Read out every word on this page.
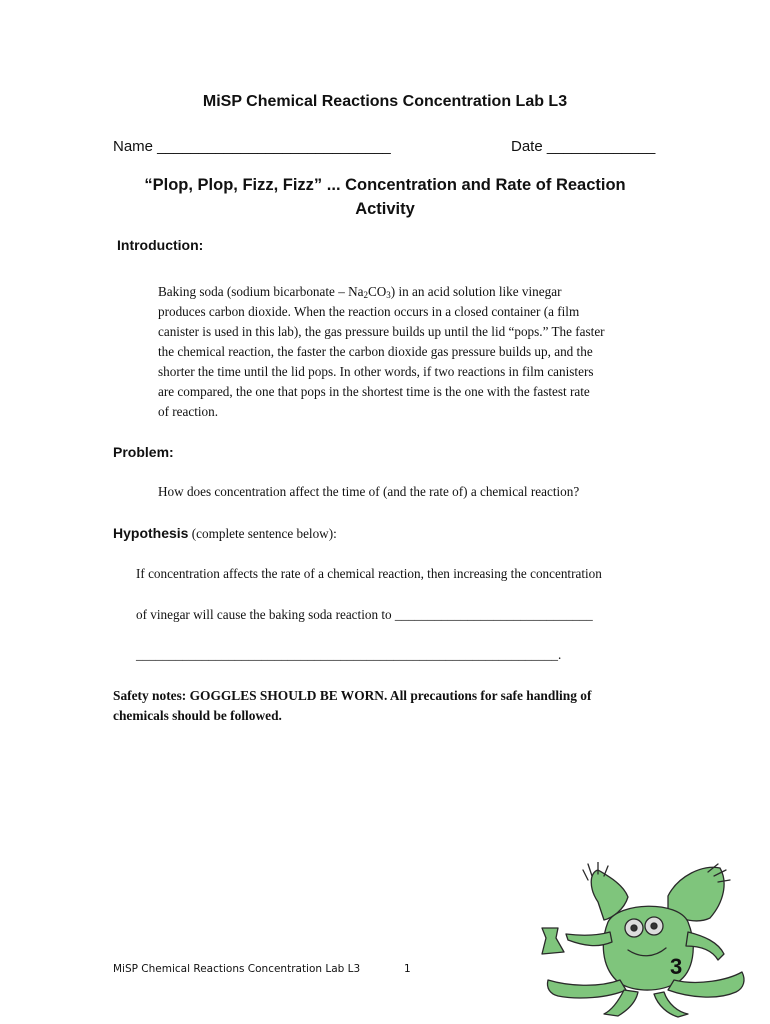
MiSP Chemical Reactions Concentration Lab L3
Name ____________________________	Date _____________
“Plop, Plop, Fizz, Fizz” ... Concentration and Rate of Reaction
Activity
Introduction:
Baking soda (sodium bicarbonate – $Na_2CO_3$) in an acid solution like vinegar
produces carbon dioxide. When the reaction occurs in a closed container (a film
canister is used in this lab), the gas pressure builds up until the lid “pops.” The faster
the chemical reaction, the faster the carbon dioxide gas pressure builds up, and the
shorter the time until the lid pops. In other words, if two reactions in film canisters
are compared, the one that pops in the shortest time is the one with the fastest rate
of reaction.
Problem:
How does concentration affect the time of (and the rate of) a chemical reaction?
Hypothesis (complete sentence below):
If concentration affects the rate of a chemical reaction, then increasing the concentration
of vinegar will cause the baking soda reaction to ______________________________
________________________________________________________________.
Safety notes: GOGGLES SHOULD BE WORN. All precautions for safe handling of
chemicals should be followed.
MiSP Chemical Reactions Concentration Lab L3	1	3
